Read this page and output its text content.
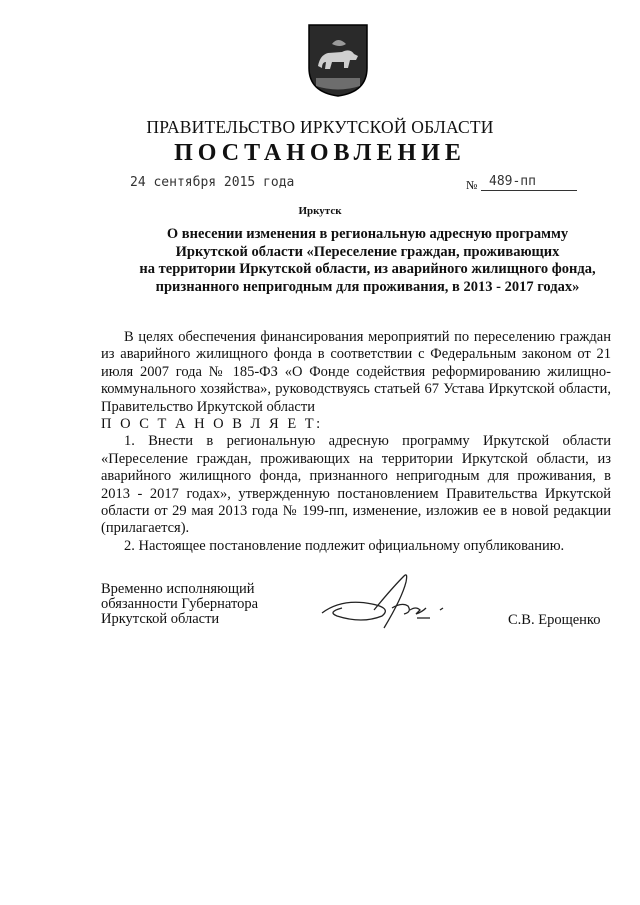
ПРАВИТЕЛЬСТВО ИРКУТСКОЙ ОБЛАСТИ
ПОСТАНОВЛЕНИЕ
24 сентября 2015 года	№ 489-пп
Иркутск
О внесении изменения в региональную адресную программу
Иркутской области «Переселение граждан, проживающих
на территории Иркутской области, из аварийного жилищного фонда,
признанного непригодным для проживания, в 2013 - 2017 годах»

В целях обеспечения финансирования мероприятий по переселению граждан из аварийного жилищного фонда в соответствии с Федеральным законом от 21 июля 2007 года № 185-ФЗ «О Фонде содействия реформированию жилищно-коммунального хозяйства», руководствуясь статьей 67 Устава Иркутской области, Правительство Иркутской области

П О С Т А Н О В Л Я Е Т:

1. Внести в региональную адресную программу Иркутской области «Переселение граждан, проживающих на территории Иркутской области, из аварийного жилищного фонда, признанного непригодным для проживания, в 2013 - 2017 годах», утвержденную постановлением Правительства Иркутской области от 29 мая 2013 года № 199-пп, изменение, изложив ее в новой редакции (прилагается).

2. Настоящее постановление подлежит официальному опубликованию.

Временно исполняющий
обязанности Губернатора
Иркутской области	С.В. Ерощенко
